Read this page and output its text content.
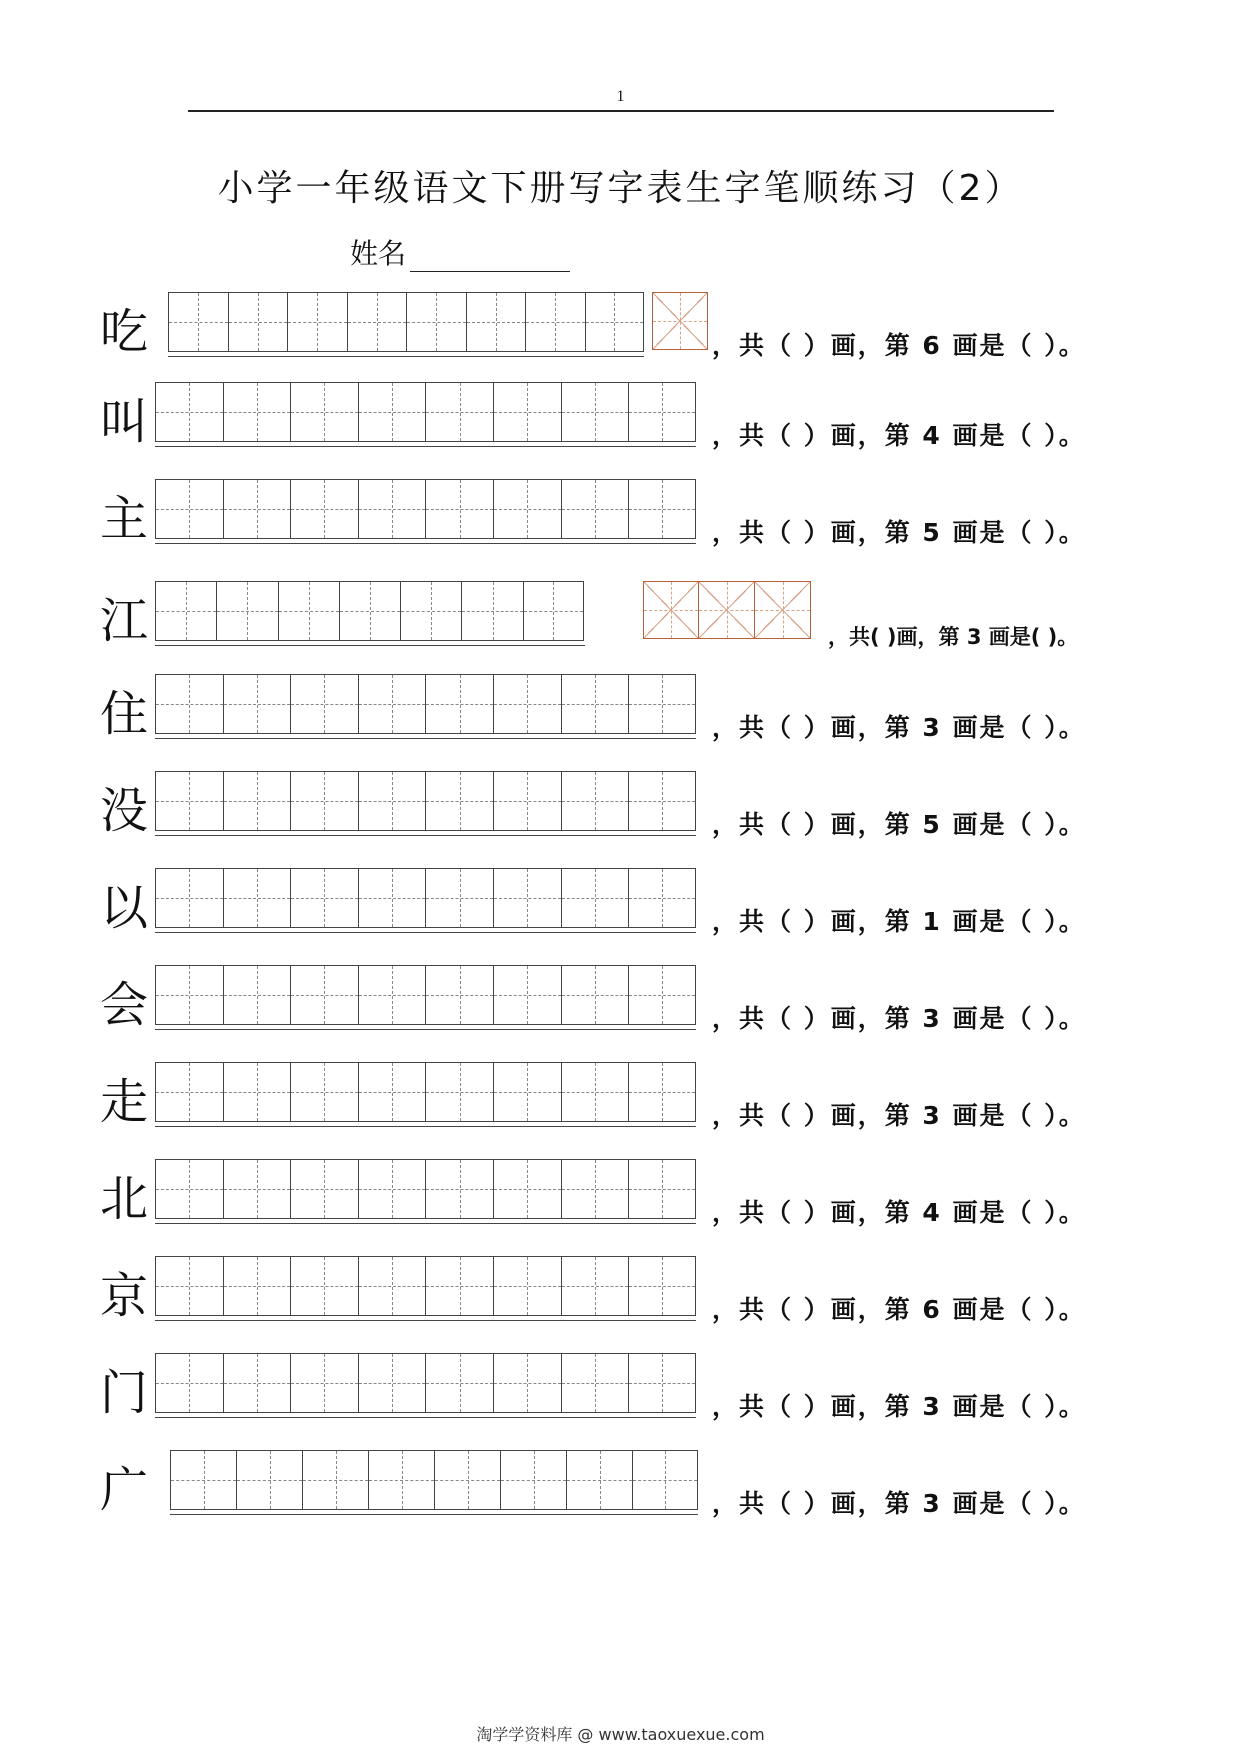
1
小学一年级语文下册写字表生字笔顺练习（2）
姓名
吃	，共（ ）画，第 6 画是（ ）。
叫	，共（ ）画，第 4 画是（ ）。
主	，共（ ）画，第 5 画是（ ）。
江	，共( )画，第 3 画是( )。
住	，共（ ）画，第 3 画是（ ）。
没	，共（ ）画，第 5 画是（ ）。
以	，共（ ）画，第 1 画是（ ）。
会	，共（ ）画，第 3 画是（ ）。
走	，共（ ）画，第 3 画是（ ）。
北	，共（ ）画，第 4 画是（ ）。
京	，共（ ）画，第 6 画是（ ）。
门	，共（ ）画，第 3 画是（ ）。
广	，共（ ）画，第 3 画是（ ）。
淘学学资料库 @ www.taoxuexue.com
